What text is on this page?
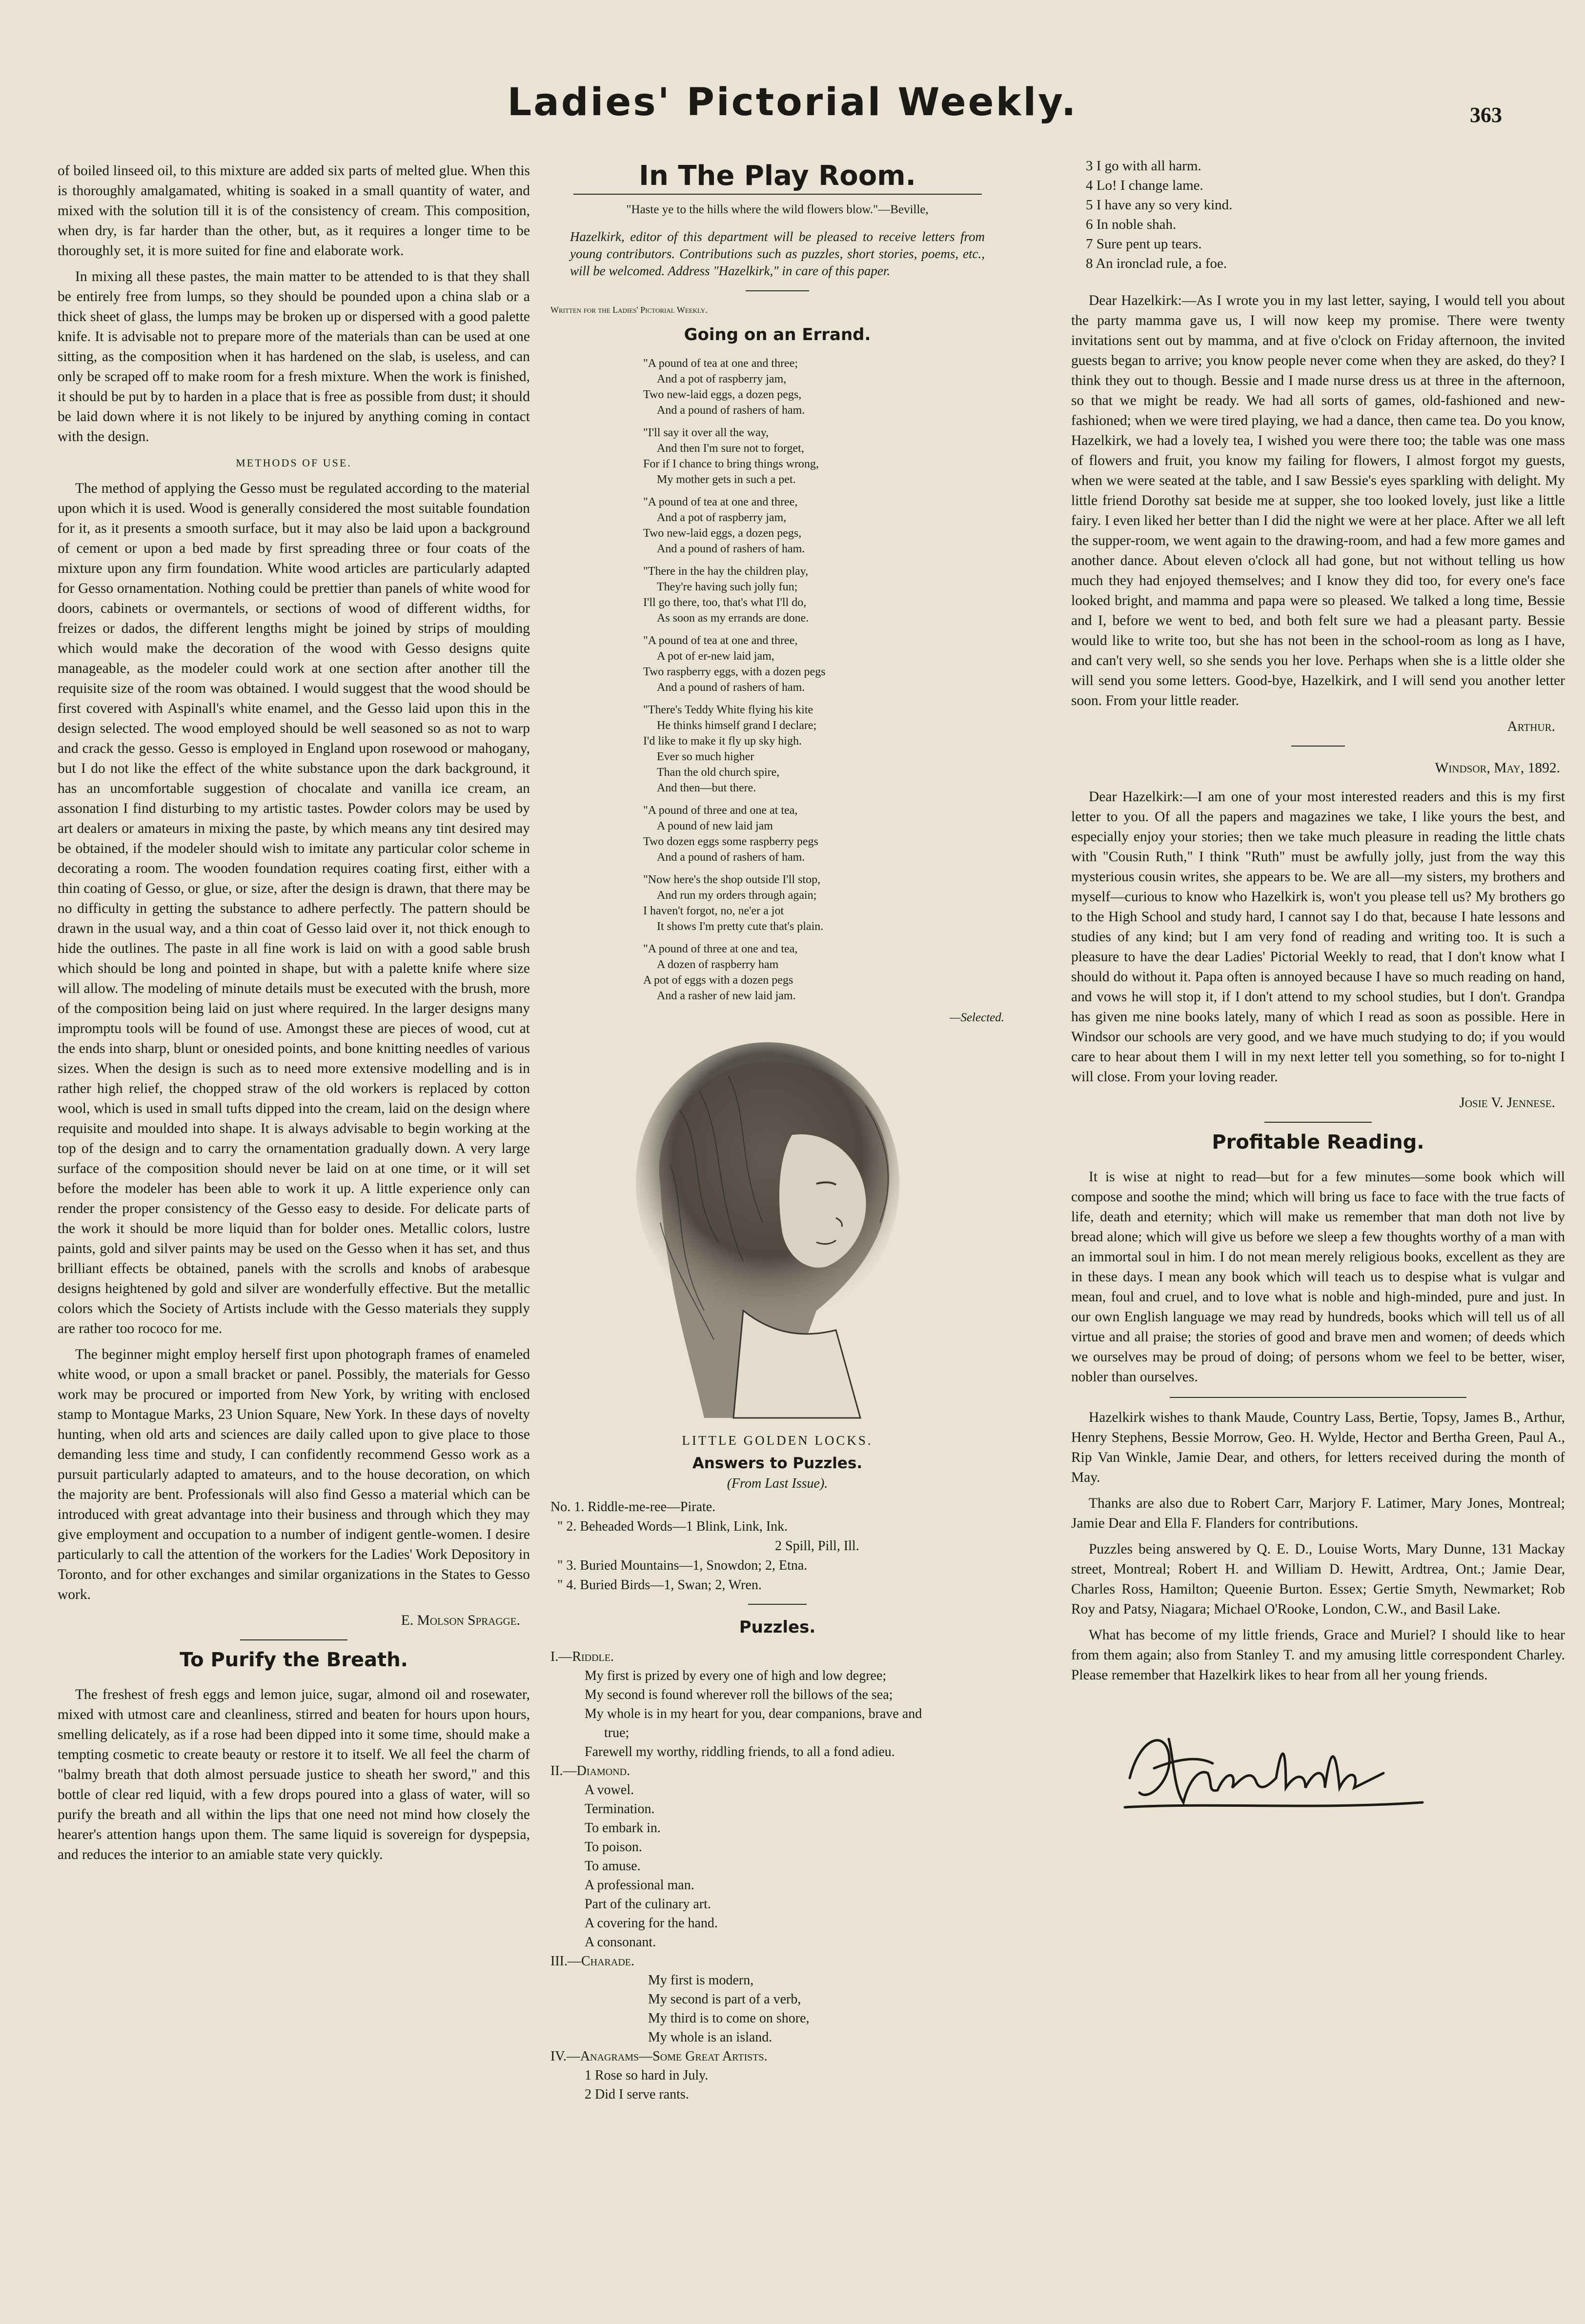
Ladies' Pictorial Weekly.	363

of boiled linseed oil, to this mixture are added six parts of melted glue. When this is thoroughly amalgamated, whiting is soaked in a small quantity of water, and mixed with the solution till it is of the consistency of cream. This composition, when dry, is far harder than the other, but, as it requires a longer time to be thoroughly set, it is more suited for fine and elaborate work.

In mixing all these pastes, the main matter to be attended to is that they shall be entirely free from lumps, so they should be pounded upon a china slab or a thick sheet of glass, the lumps may be broken up or dispersed with a good palette knife. It is advisable not to prepare more of the materials than can be used at one sitting, as the composition when it has hardened on the slab, is useless, and can only be scraped off to make room for a fresh mixture. When the work is finished, it should be put by to harden in a place that is free as possible from dust; it should be laid down where it is not likely to be injured by anything coming in contact with the design.

METHODS OF USE.

The method of applying the Gesso must be regulated according to the material upon which it is used. Wood is generally considered the most suitable foundation for it, as it presents a smooth surface, but it may also be laid upon a background of cement or upon a bed made by first spreading three or four coats of the mixture upon any firm foundation. White wood articles are particularly adapted for Gesso ornamentation. Nothing could be prettier than panels of white wood for doors, cabinets or overmantels, or sections of wood of different widths, for freizes or dados, the different lengths might be joined by strips of moulding which would make the decoration of the wood with Gesso designs quite manageable, as the modeler could work at one section after another till the requisite size of the room was obtained. I would suggest that the wood should be first covered with Aspinall's white enamel, and the Gesso laid upon this in the design selected. The wood employed should be well seasoned so as not to warp and crack the gesso. Gesso is employed in England upon rosewood or mahogany, but I do not like the effect of the white substance upon the dark background, it has an uncomfortable suggestion of chocalate and vanilla ice cream, an assonation I find disturbing to my artistic tastes. Powder colors may be used by art dealers or amateurs in mixing the paste, by which means any tint desired may be obtained, if the modeler should wish to imitate any particular color scheme in decorating a room. The wooden foundation requires coating first, either with a thin coating of Gesso, or glue, or size, after the design is drawn, that there may be no difficulty in getting the substance to adhere perfectly. The pattern should be drawn in the usual way, and a thin coat of Gesso laid over it, not thick enough to hide the outlines. The paste in all fine work is laid on with a good sable brush which should be long and pointed in shape, but with a palette knife where size will allow. The modeling of minute details must be executed with the brush, more of the composition being laid on just where required. In the larger designs many impromptu tools will be found of use. Amongst these are pieces of wood, cut at the ends into sharp, blunt or onesided points, and bone knitting needles of various sizes. When the design is such as to need more extensive modelling and is in rather high relief, the chopped straw of the old workers is replaced by cotton wool, which is used in small tufts dipped into the cream, laid on the design where requisite and moulded into shape. It is always advisable to begin working at the top of the design and to carry the ornamentation gradually down. A very large surface of the composition should never be laid on at one time, or it will set before the modeler has been able to work it up. A little experience only can render the proper consistency of the Gesso easy to deside. For delicate parts of the work it should be more liquid than for bolder ones. Metallic colors, lustre paints, gold and silver paints may be used on the Gesso when it has set, and thus brilliant effects be obtained, panels with the scrolls and knobs of arabesque designs heightened by gold and silver are wonderfully effective. But the metallic colors which the Society of Artists include with the Gesso materials they supply are rather too rococo for me.

The beginner might employ herself first upon photograph frames of enameled white wood, or upon a small bracket or panel. Possibly, the materials for Gesso work may be procured or imported from New York, by writing with enclosed stamp to Montague Marks, 23 Union Square, New York. In these days of novelty hunting, when old arts and sciences are daily called upon to give place to those demanding less time and study, I can confidently recommend Gesso work as a pursuit particularly adapted to amateurs, and to the house decoration, on which the majority are bent. Professionals will also find Gesso a material which can be introduced with great advantage into their business and through which they may give employment and occupation to a number of indigent gentle-women. I desire particularly to call the attention of the workers for the Ladies' Work Depository in Toronto, and for other exchanges and similar organizations in the States to Gesso work.

E. Molson Spragge.
To Purify the Breath.

The freshest of fresh eggs and lemon juice, sugar, almond oil and rosewater, mixed with utmost care and cleanliness, stirred and beaten for hours upon hours, smelling delicately, as if a rose had been dipped into it some time, should make a tempting cosmetic to create beauty or restore it to itself. We all feel the charm of "balmy breath that doth almost persuade justice to sheath her sword," and this bottle of clear red liquid, with a few drops poured into a glass of water, will so purify the breath and all within the lips that one need not mind how closely the hearer's attention hangs upon them. The same liquid is sovereign for dyspepsia, and reduces the interior to an amiable state very quickly.

In The Play Room.
"Haste ye to the hills where the wild flowers blow."—Beville,
Hazelkirk, editor of this department will be pleased to receive letters from young contributors. Contributions such as puzzles, short stories, poems, etc., will be welcomed. Address "Hazelkirk," in care of this paper.
Written for the Ladies' Pictorial Weekly.
Going on an Errand.
"A pound of tea at one and three;
And a pot of raspberry jam,
Two new-laid eggs, a dozen pegs,
And a pound of rashers of ham.
"I'll say it over all the way,
And then I'm sure not to forget,
For if I chance to bring things wrong,
My mother gets in such a pet.
"A pound of tea at one and three,
And a pot of raspberry jam,
Two new-laid eggs, a dozen pegs,
And a pound of rashers of ham.
"There in the hay the children play,
They're having such jolly fun;
I'll go there, too, that's what I'll do,
As soon as my errands are done.
"A pound of tea at one and three,
A pot of er-new laid jam,
Two raspberry eggs, with a dozen pegs
And a pound of rashers of ham.
"There's Teddy White flying his kite
He thinks himself grand I declare;
I'd like to make it fly up sky high.
Ever so much higher
Than the old church spire,
And then—but there.
"A pound of three and one at tea,
A pound of new laid jam
Two dozen eggs some raspberry pegs
And a pound of rashers of ham.
"Now here's the shop outside I'll stop,
And run my orders through again;
I haven't forgot, no, ne'er a jot
It shows I'm pretty cute that's plain.
"A pound of three at one and tea,
A dozen of raspberry ham
A pot of eggs with a dozen pegs
And a rasher of new laid jam.
—Selected.
LITTLE GOLDEN LOCKS.
Answers to Puzzles.
(From Last Issue).
No. 1. Riddle-me-ree—Pirate.
" 2. Beheaded Words—1 Blink, Link, Ink.
2 Spill, Pill, Ill.
" 3. Buried Mountains—1, Snowdon; 2, Etna.
" 4. Buried Birds—1, Swan; 2, Wren.
Puzzles.
I.—Riddle.
My first is prized by every one of high and low degree;
My second is found wherever roll the billows of the sea;
My whole is in my heart for you, dear companions, brave and
true;
Farewell my worthy, riddling friends, to all a fond adieu.
II.—Diamond.
A vowel.
Termination.
To embark in.
To poison.
To amuse.
A professional man.
Part of the culinary art.
A covering for the hand.
A consonant.
III.—Charade.
My first is modern,
My second is part of a verb,
My third is to come on shore,
My whole is an island.
IV.—Anagrams—Some Great Artists.
1 Rose so hard in July.
2 Did I serve rants.
3 I go with all harm.
4 Lo! I change lame.
5 I have any so very kind.
6 In noble shah.
7 Sure pent up tears.
8 An ironclad rule, a foe.

Dear Hazelkirk:—As I wrote you in my last letter, saying, I would tell you about the party mamma gave us, I will now keep my promise. There were twenty invitations sent out by mamma, and at five o'clock on Friday afternoon, the invited guests began to arrive; you know people never come when they are asked, do they? I think they out to though. Bessie and I made nurse dress us at three in the afternoon, so that we might be ready. We had all sorts of games, old-fashioned and new-fashioned; when we were tired playing, we had a dance, then came tea. Do you know, Hazelkirk, we had a lovely tea, I wished you were there too; the table was one mass of flowers and fruit, you know my failing for flowers, I almost forgot my guests, when we were seated at the table, and I saw Bessie's eyes sparkling with delight. My little friend Dorothy sat beside me at supper, she too looked lovely, just like a little fairy. I even liked her better than I did the night we were at her place. After we all left the supper-room, we went again to the drawing-room, and had a few more games and another dance. About eleven o'clock all had gone, but not without telling us how much they had enjoyed themselves; and I know they did too, for every one's face looked bright, and mamma and papa were so pleased. We talked a long time, Bessie and I, before we went to bed, and both felt sure we had a pleasant party. Bessie would like to write too, but she has not been in the school-room as long as I have, and can't very well, so she sends you her love. Perhaps when she is a little older she will send you some letters. Good-bye, Hazelkirk, and I will send you another letter soon. From your little reader.

Arthur.
Windsor, May, 1892.

Dear Hazelkirk:—I am one of your most interested readers and this is my first letter to you. Of all the papers and magazines we take, I like yours the best, and especially enjoy your stories; then we take much pleasure in reading the little chats with "Cousin Ruth," I think "Ruth" must be awfully jolly, just from the way this mysterious cousin writes, she appears to be. We are all—my sisters, my brothers and myself—curious to know who Hazelkirk is, won't you please tell us? My brothers go to the High School and study hard, I cannot say I do that, because I hate lessons and studies of any kind; but I am very fond of reading and writing too. It is such a pleasure to have the dear Ladies' Pictorial Weekly to read, that I don't know what I should do without it. Papa often is annoyed because I have so much reading on hand, and vows he will stop it, if I don't attend to my school studies, but I don't. Grandpa has given me nine books lately, many of which I read as soon as possible. Here in Windsor our schools are very good, and we have much studying to do; if you would care to hear about them I will in my next letter tell you something, so for to-night I will close. From your loving reader.

Josie V. Jennese.
Profitable Reading.

It is wise at night to read—but for a few minutes—some book which will compose and soothe the mind; which will bring us face to face with the true facts of life, death and eternity; which will make us remember that man doth not live by bread alone; which will give us before we sleep a few thoughts worthy of a man with an immortal soul in him. I do not mean merely religious books, excellent as they are in these days. I mean any book which will teach us to despise what is vulgar and mean, foul and cruel, and to love what is noble and high-minded, pure and just. In our own English language we may read by hundreds, books which will tell us of all virtue and all praise; the stories of good and brave men and women; of deeds which we ourselves may be proud of doing; of persons whom we feel to be better, wiser, nobler than ourselves.

Hazelkirk wishes to thank Maude, Country Lass, Bertie, Topsy, James B., Arthur, Henry Stephens, Bessie Morrow, Geo. H. Wylde, Hector and Bertha Green, Paul A., Rip Van Winkle, Jamie Dear, and others, for letters received during the month of May.

Thanks are also due to Robert Carr, Marjory F. Latimer, Mary Jones, Montreal; Jamie Dear and Ella F. Flanders for contributions.

Puzzles being answered by Q. E. D., Louise Worts, Mary Dunne, 131 Mackay street, Montreal; Robert H. and William D. Hewitt, Ardtrea, Ont.; Jamie Dear, Charles Ross, Hamilton; Queenie Burton. Essex; Gertie Smyth, Newmarket; Rob Roy and Patsy, Niagara; Michael O'Rooke, London, C.W., and Basil Lake.

What has become of my little friends, Grace and Muriel? I should like to hear from them again; also from Stanley T. and my amusing little correspondent Charley. Please remember that Hazelkirk likes to hear from all her young friends.
